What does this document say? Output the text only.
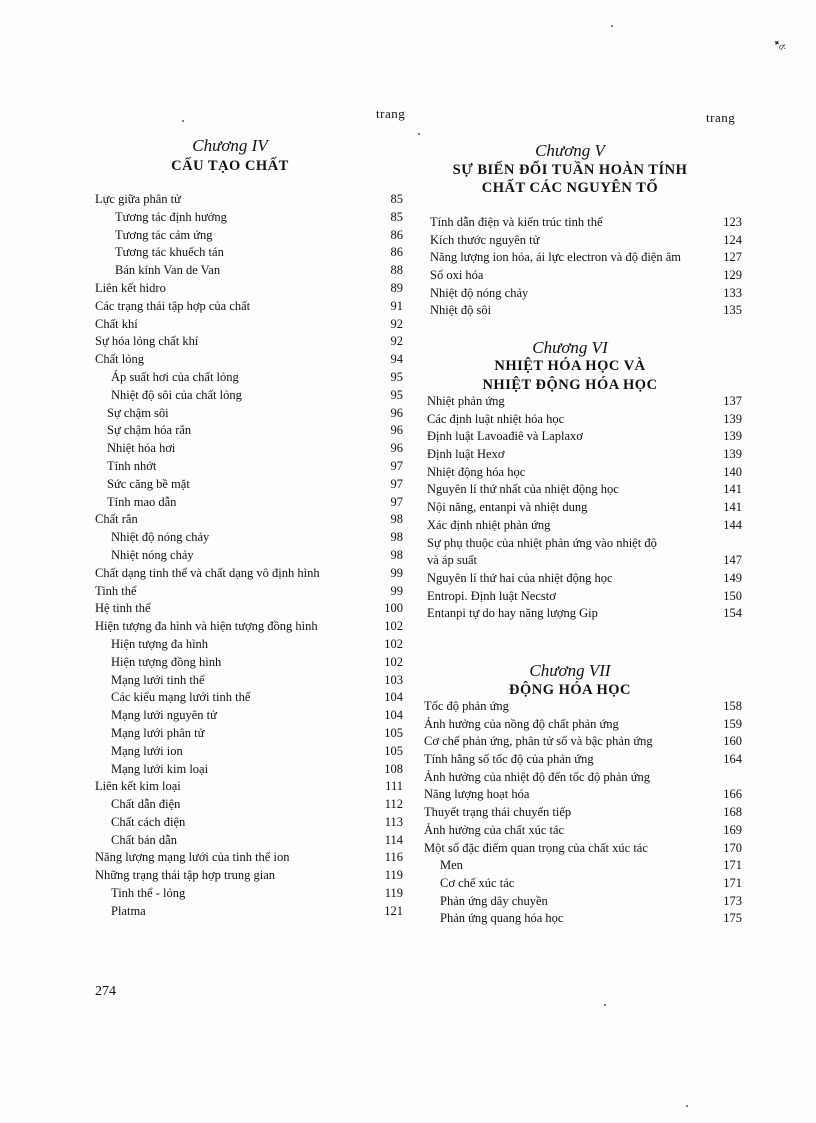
✦đ‧
trang	trang
Chương IV
CẤU TẠO CHẤT
Lực giữa phân tử	85
Tương tác định hướng	85
Tương tác cảm ứng	86
Tương tác khuếch tán	86
Bán kính Van de Van	88
Liên kết hidro	89
Các trạng thái tập hợp của chất	91
Chất khí	92
Sự hóa lỏng chất khí	92
Chất lỏng	94
Áp suất hơi của chất lỏng	95
Nhiệt độ sôi của chất lỏng	95
Sự chậm sôi	96
Sự chậm hóa rắn	96
Nhiệt hóa hơi	96
Tính nhớt	97
Sức căng bề mặt	97
Tính mao dẫn	97
Chất rắn	98
Nhiệt độ nóng chảy	98
Nhiệt nóng chảy	98
Chất dạng tinh thể và chất dạng vô định hình	99
Tinh thể	99
Hệ tinh thể	100
Hiện tượng đa hình và hiện tượng đồng hình	102
Hiện tượng đa hình	102
Hiện tượng đồng hình	102
Mạng lưới tinh thể	103
Các kiểu mạng lưới tinh thể	104
Mạng lưới nguyên tử	104
Mạng lưới phân tử	105
Mạng lưới ion	105
Mạng lưới kim loại	108
Liên kết kim loại	111
Chất dẫn điện	112
Chất cách điện	113
Chất bán dẫn	114
Năng lượng mạng lưới của tinh thể ion	116
Những trạng thái tập hợp trung gian	119
Tinh thể - lỏng	119
Platma	121
Chương V
SỰ BIẾN ĐỔI TUẦN HOÀN TÍNH
CHẤT CÁC NGUYÊN TỐ
Tính dẫn điện và kiến trúc tinh thể	123
Kích thước nguyên tử	124
Năng lượng ion hóa, ái lực electron và độ điện âm	127
Số oxi hóa	129
Nhiệt độ nóng chảy	133
Nhiệt độ sôi	135
Chương VI
NHIỆT HÓA HỌC VÀ
NHIỆT ĐỘNG HÓA HỌC
Nhiệt phản ứng	137
Các định luật nhiệt hóa học	139
Định luật Lavoađiê và Laplaxơ	139
Định luật Hexơ	139
Nhiệt động hóa học	140
Nguyên lí thứ nhất của nhiệt động học	141
Nội năng, entanpi và nhiệt dung	141
Xác định nhiệt phản ứng	144
Sự phụ thuộc của nhiệt phản ứng vào nhiệt độ
và áp suất	147
Nguyên lí thứ hai của nhiệt động học	149
Entropi. Định luật Necstơ	150
Entanpi tự do hay năng lượng Gip	154
Chương VII
ĐỘNG HÓA HỌC
Tốc độ phản ứng	158
Ảnh hưởng của nồng độ chất phản ứng	159
Cơ chế phản ứng, phân tử số và bậc phản ứng	160
Tính hằng số tốc độ của phản ứng	164
Ảnh hưởng của nhiệt độ đến tốc độ phản ứng
Năng lượng hoạt hóa	166
Thuyết trạng thái chuyển tiếp	168
Ảnh hưởng của chất xúc tác	169
Một số đặc điểm quan trọng của chất xúc tác	170
Men	171
Cơ chế xúc tác	171
Phản ứng dây chuyền	173
Phản ứng quang hóa học	175
274
